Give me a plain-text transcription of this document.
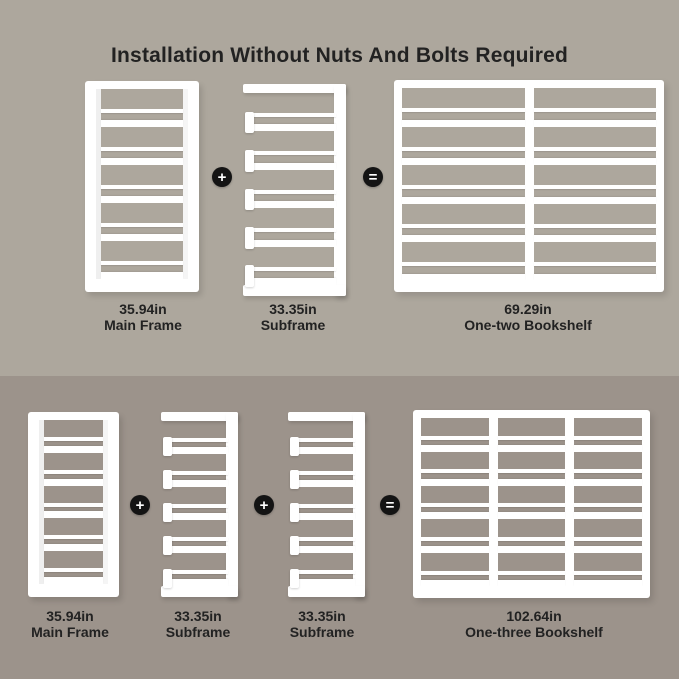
Installation Without Nuts And Bolts Required
+	=
35.94in
Main Frame
33.35in
Subframe
69.29in
One-two Bookshelf
+	+	=
35.94in
Main Frame
33.35in
Subframe
33.35in
Subframe
102.64in
One-three Bookshelf
